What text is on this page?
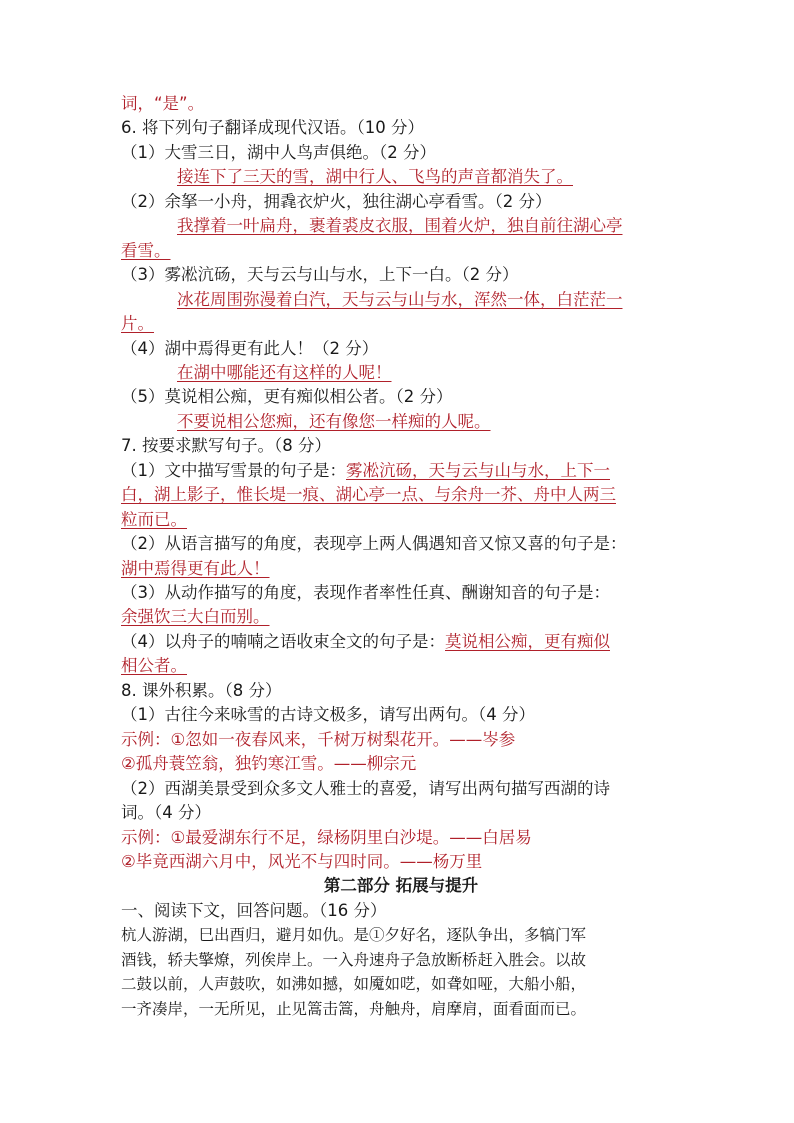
词，“是”。
6. 将下列句子翻译成现代汉语。（10 分）
（1）大雪三日，湖中人鸟声俱绝。（2 分）
接连下了三天的雪，湖中行人、飞鸟的声音都消失了。
（2）余拏一小舟，拥毳衣炉火，独往湖心亭看雪。（2 分）
我撑着一叶扁舟，裹着裘皮衣服，围着火炉，独自前往湖心亭
看雪。
（3）雾凇沆砀，天与云与山与水，上下一白。（2 分）
冰花周围弥漫着白汽，天与云与山与水，浑然一体，白茫茫一
片。
（4）湖中焉得更有此人！（2 分）
在湖中哪能还有这样的人呢！
（5）莫说相公痴，更有痴似相公者。（2 分）
不要说相公您痴，还有像您一样痴的人呢。
7. 按要求默写句子。（8 分）
（1）文中描写雪景的句子是：雾凇沆砀，天与云与山与水，上下一
白，湖上影子，惟长堤一痕、湖心亭一点、与余舟一芥、舟中人两三
粒而已。
（2）从语言描写的角度，表现亭上两人偶遇知音又惊又喜的句子是：
湖中焉得更有此人！
（3）从动作描写的角度，表现作者率性任真、酬谢知音的句子是：
余强饮三大白而别。
（4）以舟子的喃喃之语收束全文的句子是：莫说相公痴，更有痴似
相公者。
8. 课外积累。（8 分）
（1）古往今来咏雪的古诗文极多，请写出两句。（4 分）
示例：①忽如一夜春风来，千树万树梨花开。——岑参
②孤舟蓑笠翁，独钓寒江雪。——柳宗元
（2）西湖美景受到众多文人雅士的喜爱，请写出两句描写西湖的诗
词。（4 分）
示例：①最爱湖东行不足，绿杨阴里白沙堤。——白居易
②毕竟西湖六月中，风光不与四时同。——杨万里
第二部分 拓展与提升
一、阅读下文，回答问题。（16 分）
杭人游湖，巳出酉归，避月如仇。是①夕好名，逐队争出，多犒门军
酒钱，轿夫擎燎，列俟岸上。一入舟速舟子急放断桥赶入胜会。以故
二鼓以前，人声鼓吹，如沸如撼，如魇如呓，如聋如哑，大船小船，
一齐凑岸，一无所见，止见篙击篙，舟触舟，肩摩肩，面看面而已。
